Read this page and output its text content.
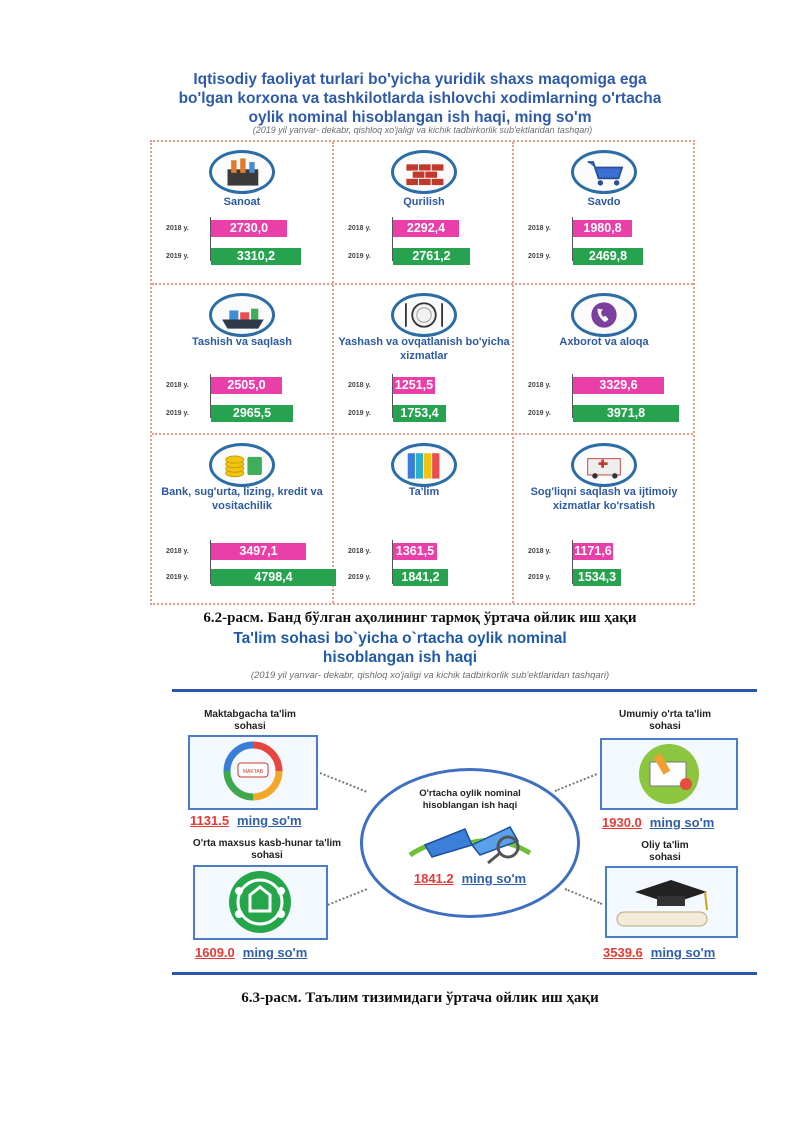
Iqtisodiy faoliyat turlari bo'yicha yuridik shaxs maqomiga ega
bo'lgan korxona va tashkilotlarda ishlovchi xodimlarning o'rtacha
oylik nominal hisoblangan ish haqi, ming so'm
(2019 yil yanvar- dekabr, qishloq xo'jaligi va kichik tadbirkorlik sub'ektlaridan tashqari)
Sanoat
2018 y.	2730,0
2019 y.	3310,2
Qurilish
2018 y.	2292,4
2019 y.	2761,2
Savdo
2018 y.	1980,8
2019 y.	2469,8
Tashish va saqlash
2018 y.	2505,0
2019 y.	2965,5
Yashash va ovqatlanish bo'yicha xizmatlar
2018 y. 1251,5
2019 y.	1753,4
Axborot va aloqa
2018 y.	3329,6
2019 y.	3971,8
Bank, sug'urta, lizing, kredit va vositachilik
2018 y.	3497,1
2019 y.	4798,4
Ta'lim
2018 y. 1361,5
2019 y.	1841,2
Sog'liqni saqlash va ijtimoiy xizmatlar ko'rsatish
2018 y. 1171,6
2019 y.	1534,3
6.2-расм. Банд бўлган аҳолининг тармоқ ўртача ойлик иш ҳақи
Ta'lim sohasi bo`yicha o`rtacha oylik nominal
hisoblangan ish haqi
(2019 yil yanvar- dekabr, qishloq xo'jaligi va kichik tadbirkorlik sub'ektlaridan tashqari)
O'rtacha oylik nominal hisoblangan ish haqi
1841.2 ming so'm
Maktabgacha ta'lim sohasi
MAKTAB
1131.5 ming so'm
Umumiy o'rta ta'lim sohasi
1930.0 ming so'm
O'rta maxsus kasb-hunar ta'lim sohasi
1609.0 ming so'm
Oliy ta'lim sohasi
3539.6 ming so'm
6.3-расм. Таълим тизимидаги ўртача ойлик иш ҳақи
